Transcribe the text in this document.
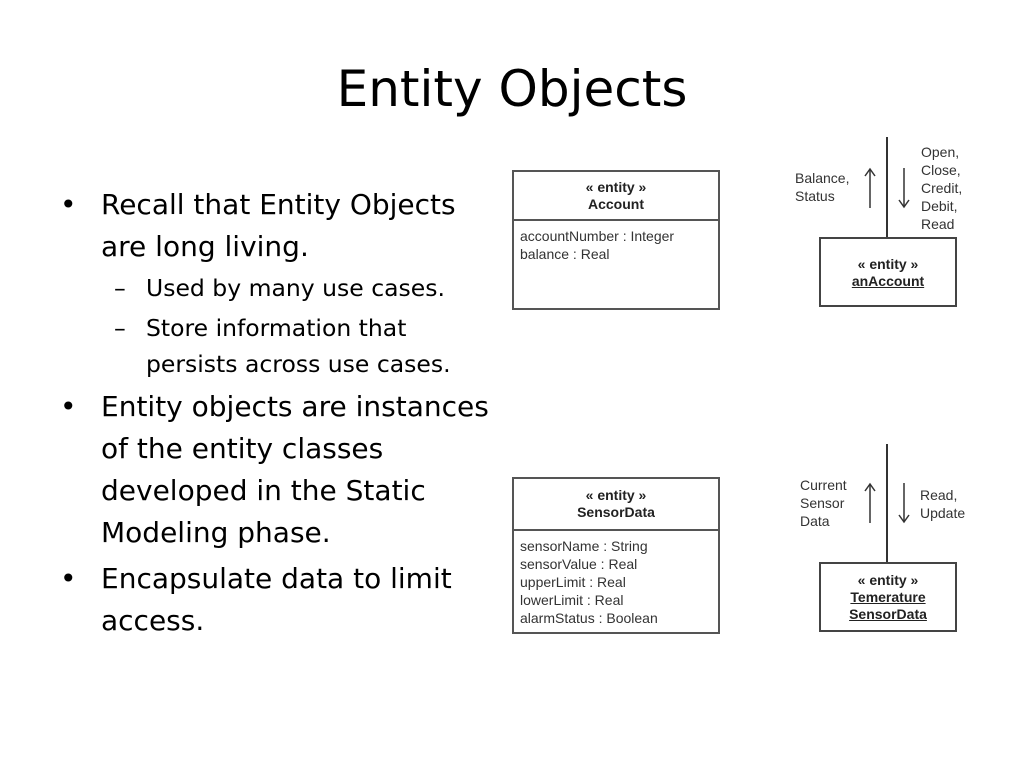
Entity Objects
• Recall that Entity Objects are long living.
– Used by many use cases.
– Store information that persists across use cases.
• Entity objects are instances of the entity classes developed in the Static Modeling phase.
• Encapsulate data to limit access.
« entity »
Account
accountNumber : Integer
balance : Real
Balance,
Status
Open,
Close,
Credit,
Debit,
Read
« entity »
anAccount
« entity »
SensorData
sensorName : String
sensorValue : Real
upperLimit : Real
lowerLimit : Real
alarmStatus : Boolean
Current
Sensor
Data
Read,
Update
« entity »
Temerature
SensorData
